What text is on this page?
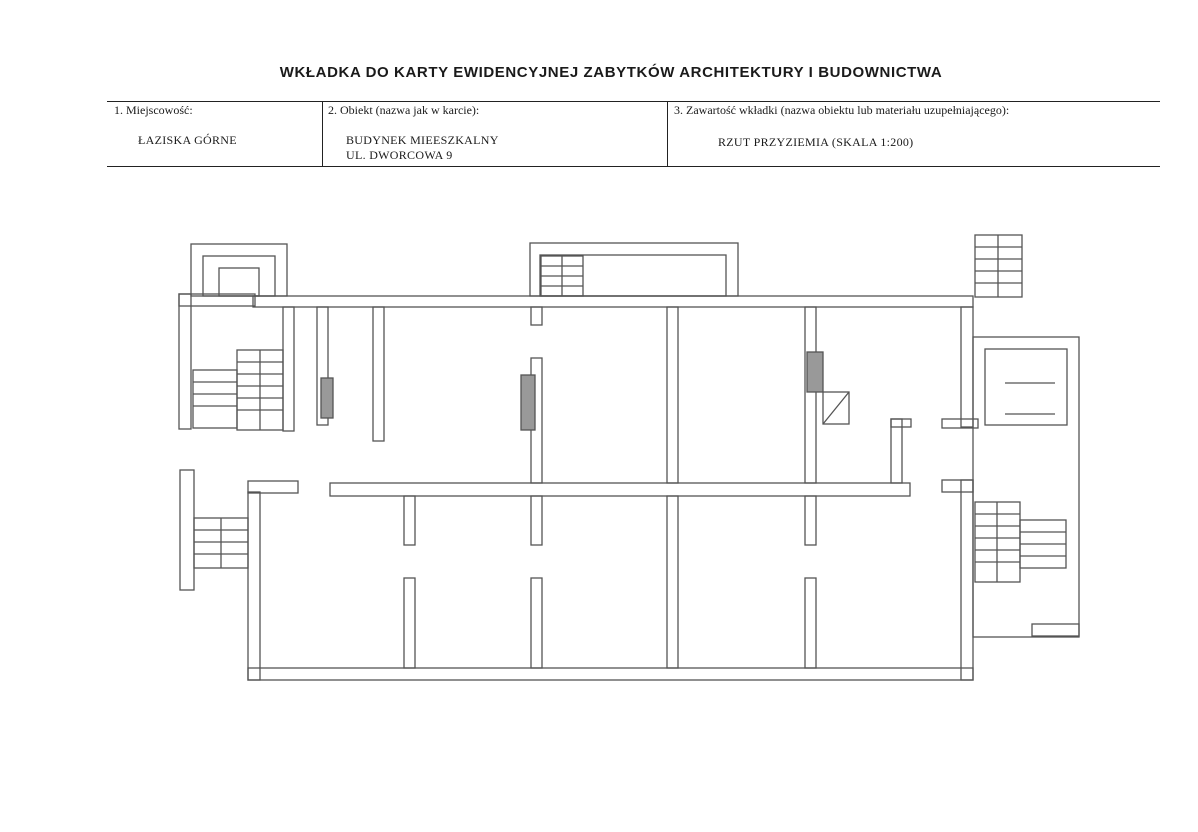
WKŁADKA DO KARTY EWIDENCYJNEJ ZABYTKÓW ARCHITEKTURY I BUDOWNICTWA
1. Miejscowość:
ŁAZISKA GÓRNE
2. Obiekt (nazwa jak w karcie):
BUDYNEK MIEESZKALNY
UL. DWORCOWA 9
3. Zawartość wkładki (nazwa obiektu lub materiału uzupełniającego):
RZUT PRZYZIEMIA (SKALA 1:200)
